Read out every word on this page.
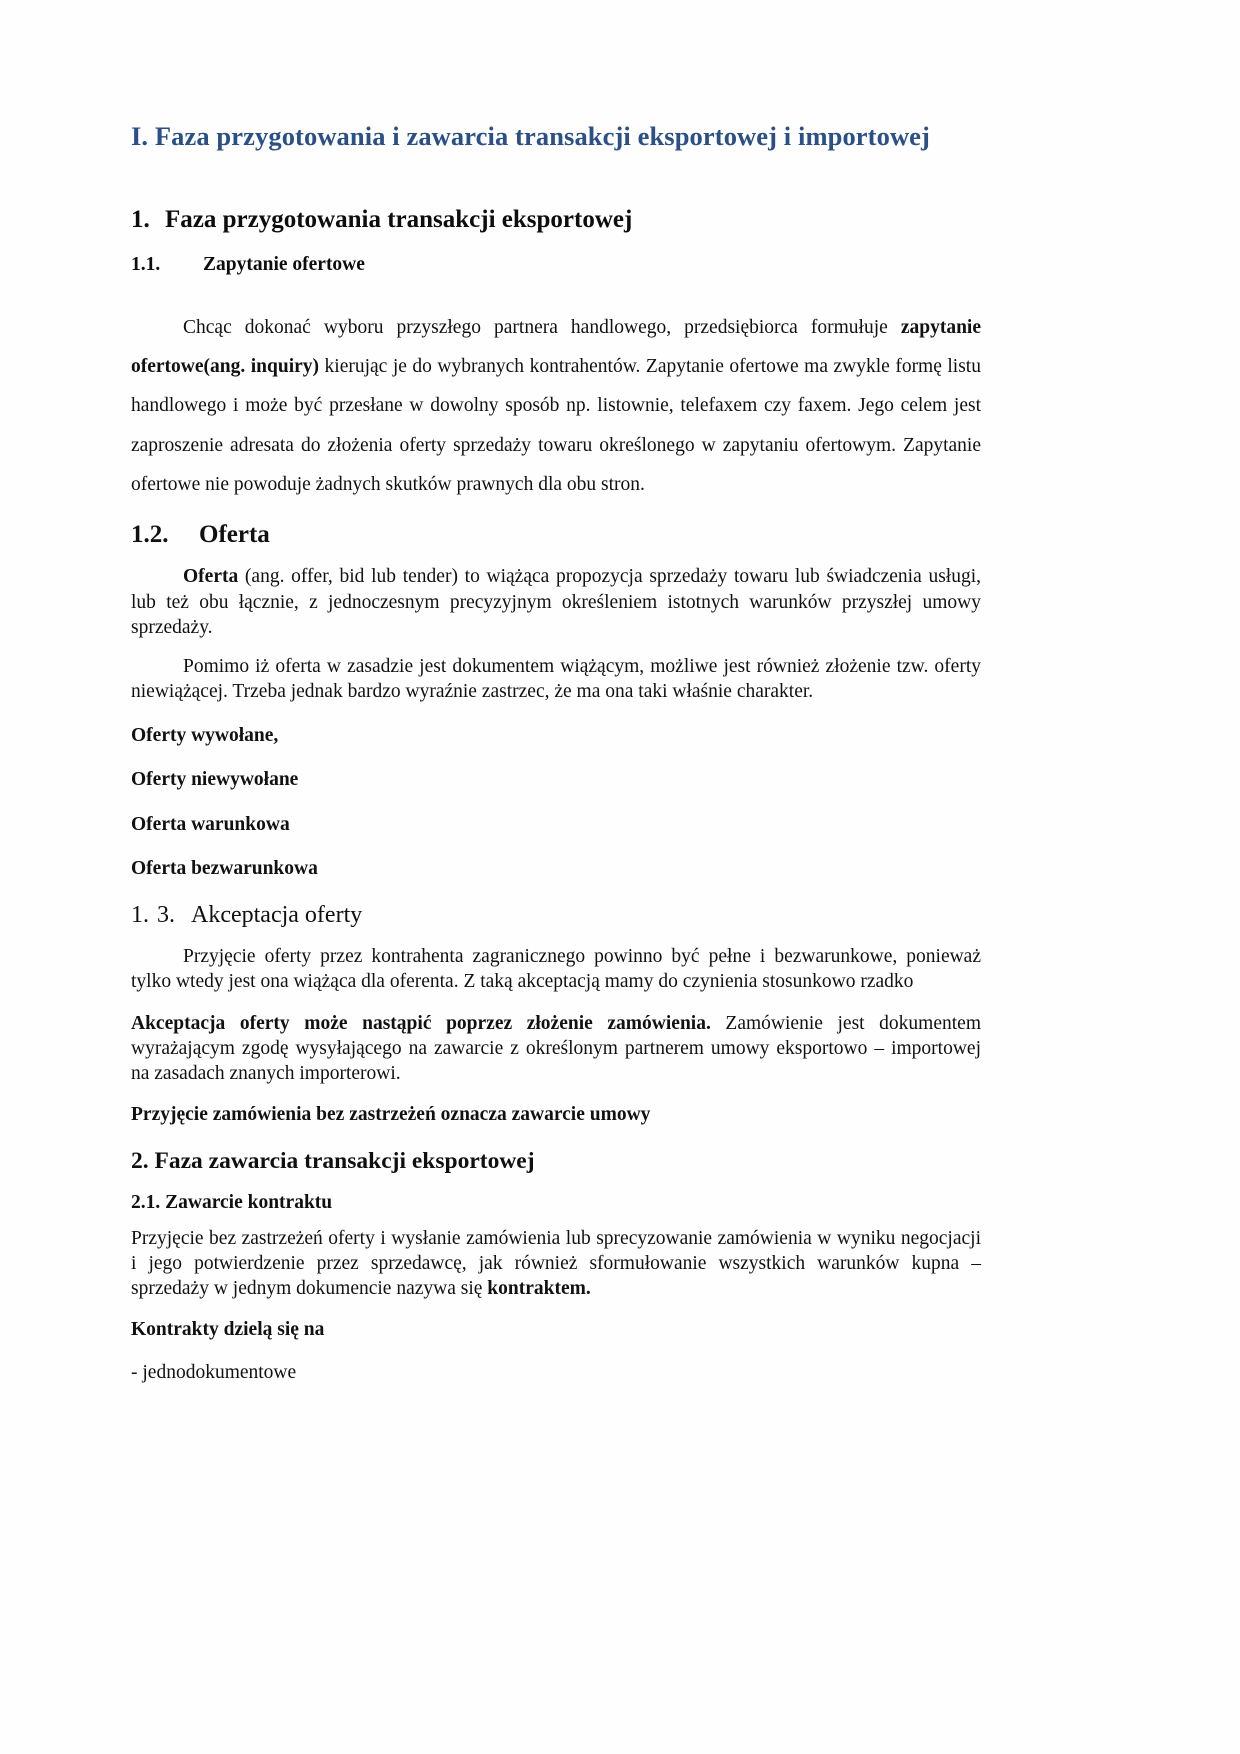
I. Faza przygotowania i zawarcia transakcji eksportowej i importowej
1. Faza przygotowania transakcji eksportowej
1.1. Zapytanie ofertowe

Chcąc dokonać wyboru przyszłego partnera handlowego, przedsiębiorca formułuje zapytanie ofertowe(ang. inquiry) kierując je do wybranych kontrahentów. Zapytanie ofertowe ma zwykle formę listu handlowego i może być przesłane w dowolny sposób np. listownie, telefaxem czy faxem. Jego celem jest zaproszenie adresata do złożenia oferty sprzedaży towaru określonego w zapytaniu ofertowym. Zapytanie ofertowe nie powoduje żadnych skutków prawnych dla obu stron.

1.2. Oferta

Oferta (ang. offer, bid lub tender) to wiążąca propozycja sprzedaży towaru lub świadczenia usługi, lub też obu łącznie, z jednoczesnym precyzyjnym określeniem istotnych warunków przyszłej umowy sprzedaży.

Pomimo iż oferta w zasadzie jest dokumentem wiążącym, możliwe jest również złożenie tzw. oferty niewiążącej. Trzeba jednak bardzo wyraźnie zastrzec, że ma ona taki właśnie charakter.

Oferty wywołane,

Oferty niewywołane

Oferta warunkowa

Oferta bezwarunkowa

1. 3. Akceptacja oferty

Przyjęcie oferty przez kontrahenta zagranicznego powinno być pełne i bezwarunkowe, ponieważ tylko wtedy jest ona wiążąca dla oferenta. Z taką akceptacją mamy do czynienia stosunkowo rzadko

Akceptacja oferty może nastąpić poprzez złożenie zamówienia. Zamówienie jest dokumentem wyrażającym zgodę wysyłającego na zawarcie z określonym partnerem umowy eksportowo – importowej na zasadach znanych importerowi.

Przyjęcie zamówienia bez zastrzeżeń oznacza zawarcie umowy

2. Faza zawarcia transakcji eksportowej
2.1. Zawarcie kontraktu

Przyjęcie bez zastrzeżeń oferty i wysłanie zamówienia lub sprecyzowanie zamówienia w wyniku negocjacji i jego potwierdzenie przez sprzedawcę, jak również sformułowanie wszystkich warunków kupna – sprzedaży w jednym dokumencie nazywa się kontraktem.

Kontrakty dzielą się na

- jednodokumentowe
